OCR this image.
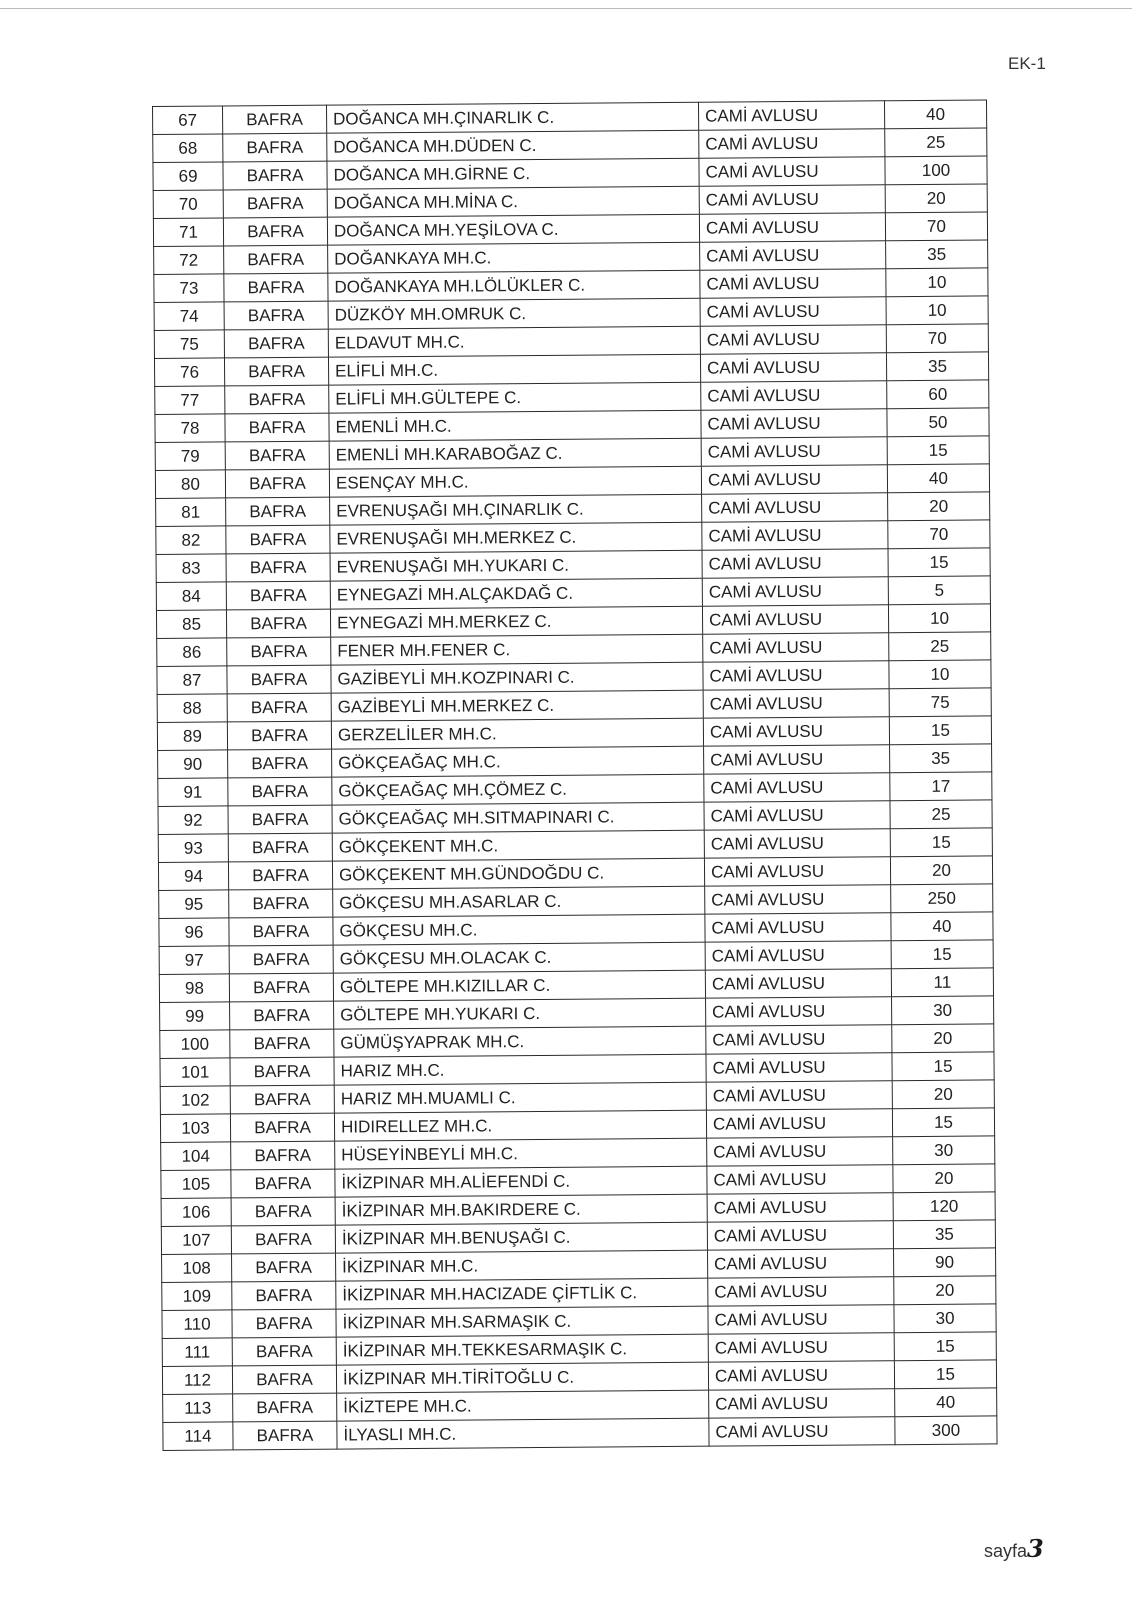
EK-1
67	BAFRA	DOĞANCA MH.ÇINARLIK C.	CAMİ AVLUSU	40
68	BAFRA	DOĞANCA MH.DÜDEN C.	CAMİ AVLUSU	25
69	BAFRA	DOĞANCA MH.GİRNE C.	CAMİ AVLUSU	100
70	BAFRA	DOĞANCA MH.MİNA C.	CAMİ AVLUSU	20
71	BAFRA	DOĞANCA MH.YEŞİLOVA C.	CAMİ AVLUSU	70
72	BAFRA	DOĞANKAYA MH.C.	CAMİ AVLUSU	35
73	BAFRA	DOĞANKAYA MH.LÖLÜKLER C.	CAMİ AVLUSU	10
74	BAFRA	DÜZKÖY MH.OMRUK C.	CAMİ AVLUSU	10
75	BAFRA	ELDAVUT MH.C.	CAMİ AVLUSU	70
76	BAFRA	ELİFLİ MH.C.	CAMİ AVLUSU	35
77	BAFRA	ELİFLİ MH.GÜLTEPE C.	CAMİ AVLUSU	60
78	BAFRA	EMENLİ MH.C.	CAMİ AVLUSU	50
79	BAFRA	EMENLİ MH.KARABOĞAZ C.	CAMİ AVLUSU	15
80	BAFRA	ESENÇAY MH.C.	CAMİ AVLUSU	40
81	BAFRA	EVRENUŞAĞI MH.ÇINARLIK C.	CAMİ AVLUSU	20
82	BAFRA	EVRENUŞAĞI MH.MERKEZ C.	CAMİ AVLUSU	70
83	BAFRA	EVRENUŞAĞI MH.YUKARI C.	CAMİ AVLUSU	15
84	BAFRA	EYNEGAZİ MH.ALÇAKDAĞ C.	CAMİ AVLUSU	5
85	BAFRA	EYNEGAZİ MH.MERKEZ C.	CAMİ AVLUSU	10
86	BAFRA	FENER MH.FENER C.	CAMİ AVLUSU	25
87	BAFRA	GAZİBEYLİ MH.KOZPINARI C.	CAMİ AVLUSU	10
88	BAFRA	GAZİBEYLİ MH.MERKEZ C.	CAMİ AVLUSU	75
89	BAFRA	GERZELİLER MH.C.	CAMİ AVLUSU	15
90	BAFRA	GÖKÇEAĞAÇ MH.C.	CAMİ AVLUSU	35
91	BAFRA	GÖKÇEAĞAÇ MH.ÇÖMEZ C.	CAMİ AVLUSU	17
92	BAFRA	GÖKÇEAĞAÇ MH.SITMAPINARI C.	CAMİ AVLUSU	25
93	BAFRA	GÖKÇEKENT MH.C.	CAMİ AVLUSU	15
94	BAFRA	GÖKÇEKENT MH.GÜNDOĞDU C.	CAMİ AVLUSU	20
95	BAFRA	GÖKÇESU MH.ASARLAR C.	CAMİ AVLUSU	250
96	BAFRA	GÖKÇESU MH.C.	CAMİ AVLUSU	40
97	BAFRA	GÖKÇESU MH.OLACAK C.	CAMİ AVLUSU	15
98	BAFRA	GÖLTEPE MH.KIZILLAR C.	CAMİ AVLUSU	11
99	BAFRA	GÖLTEPE MH.YUKARI C.	CAMİ AVLUSU	30
100	BAFRA	GÜMÜŞYAPRAK MH.C.	CAMİ AVLUSU	20
101	BAFRA	HARIZ MH.C.	CAMİ AVLUSU	15
102	BAFRA	HARIZ MH.MUAMLI C.	CAMİ AVLUSU	20
103	BAFRA	HIDIRELLEZ MH.C.	CAMİ AVLUSU	15
104	BAFRA	HÜSEYİNBEYLİ MH.C.	CAMİ AVLUSU	30
105	BAFRA	İKİZPINAR MH.ALİEFENDİ C.	CAMİ AVLUSU	20
106	BAFRA	İKİZPINAR MH.BAKIRDERE C.	CAMİ AVLUSU	120
107	BAFRA	İKİZPINAR MH.BENUŞAĞI C.	CAMİ AVLUSU	35
108	BAFRA	İKİZPINAR MH.C.	CAMİ AVLUSU	90
109	BAFRA	İKİZPINAR MH.HACIZADE ÇİFTLİK C.	CAMİ AVLUSU	20
110	BAFRA	İKİZPINAR MH.SARMAŞIK C.	CAMİ AVLUSU	30
111	BAFRA	İKİZPINAR MH.TEKKESARMAŞIK C.	CAMİ AVLUSU	15
112	BAFRA	İKİZPINAR MH.TİRİTOĞLU C.	CAMİ AVLUSU	15
113	BAFRA	İKİZTEPE MH.C.	CAMİ AVLUSU	40
114	BAFRA	İLYASLI MH.C.	CAMİ AVLUSU	300
sayfa3
